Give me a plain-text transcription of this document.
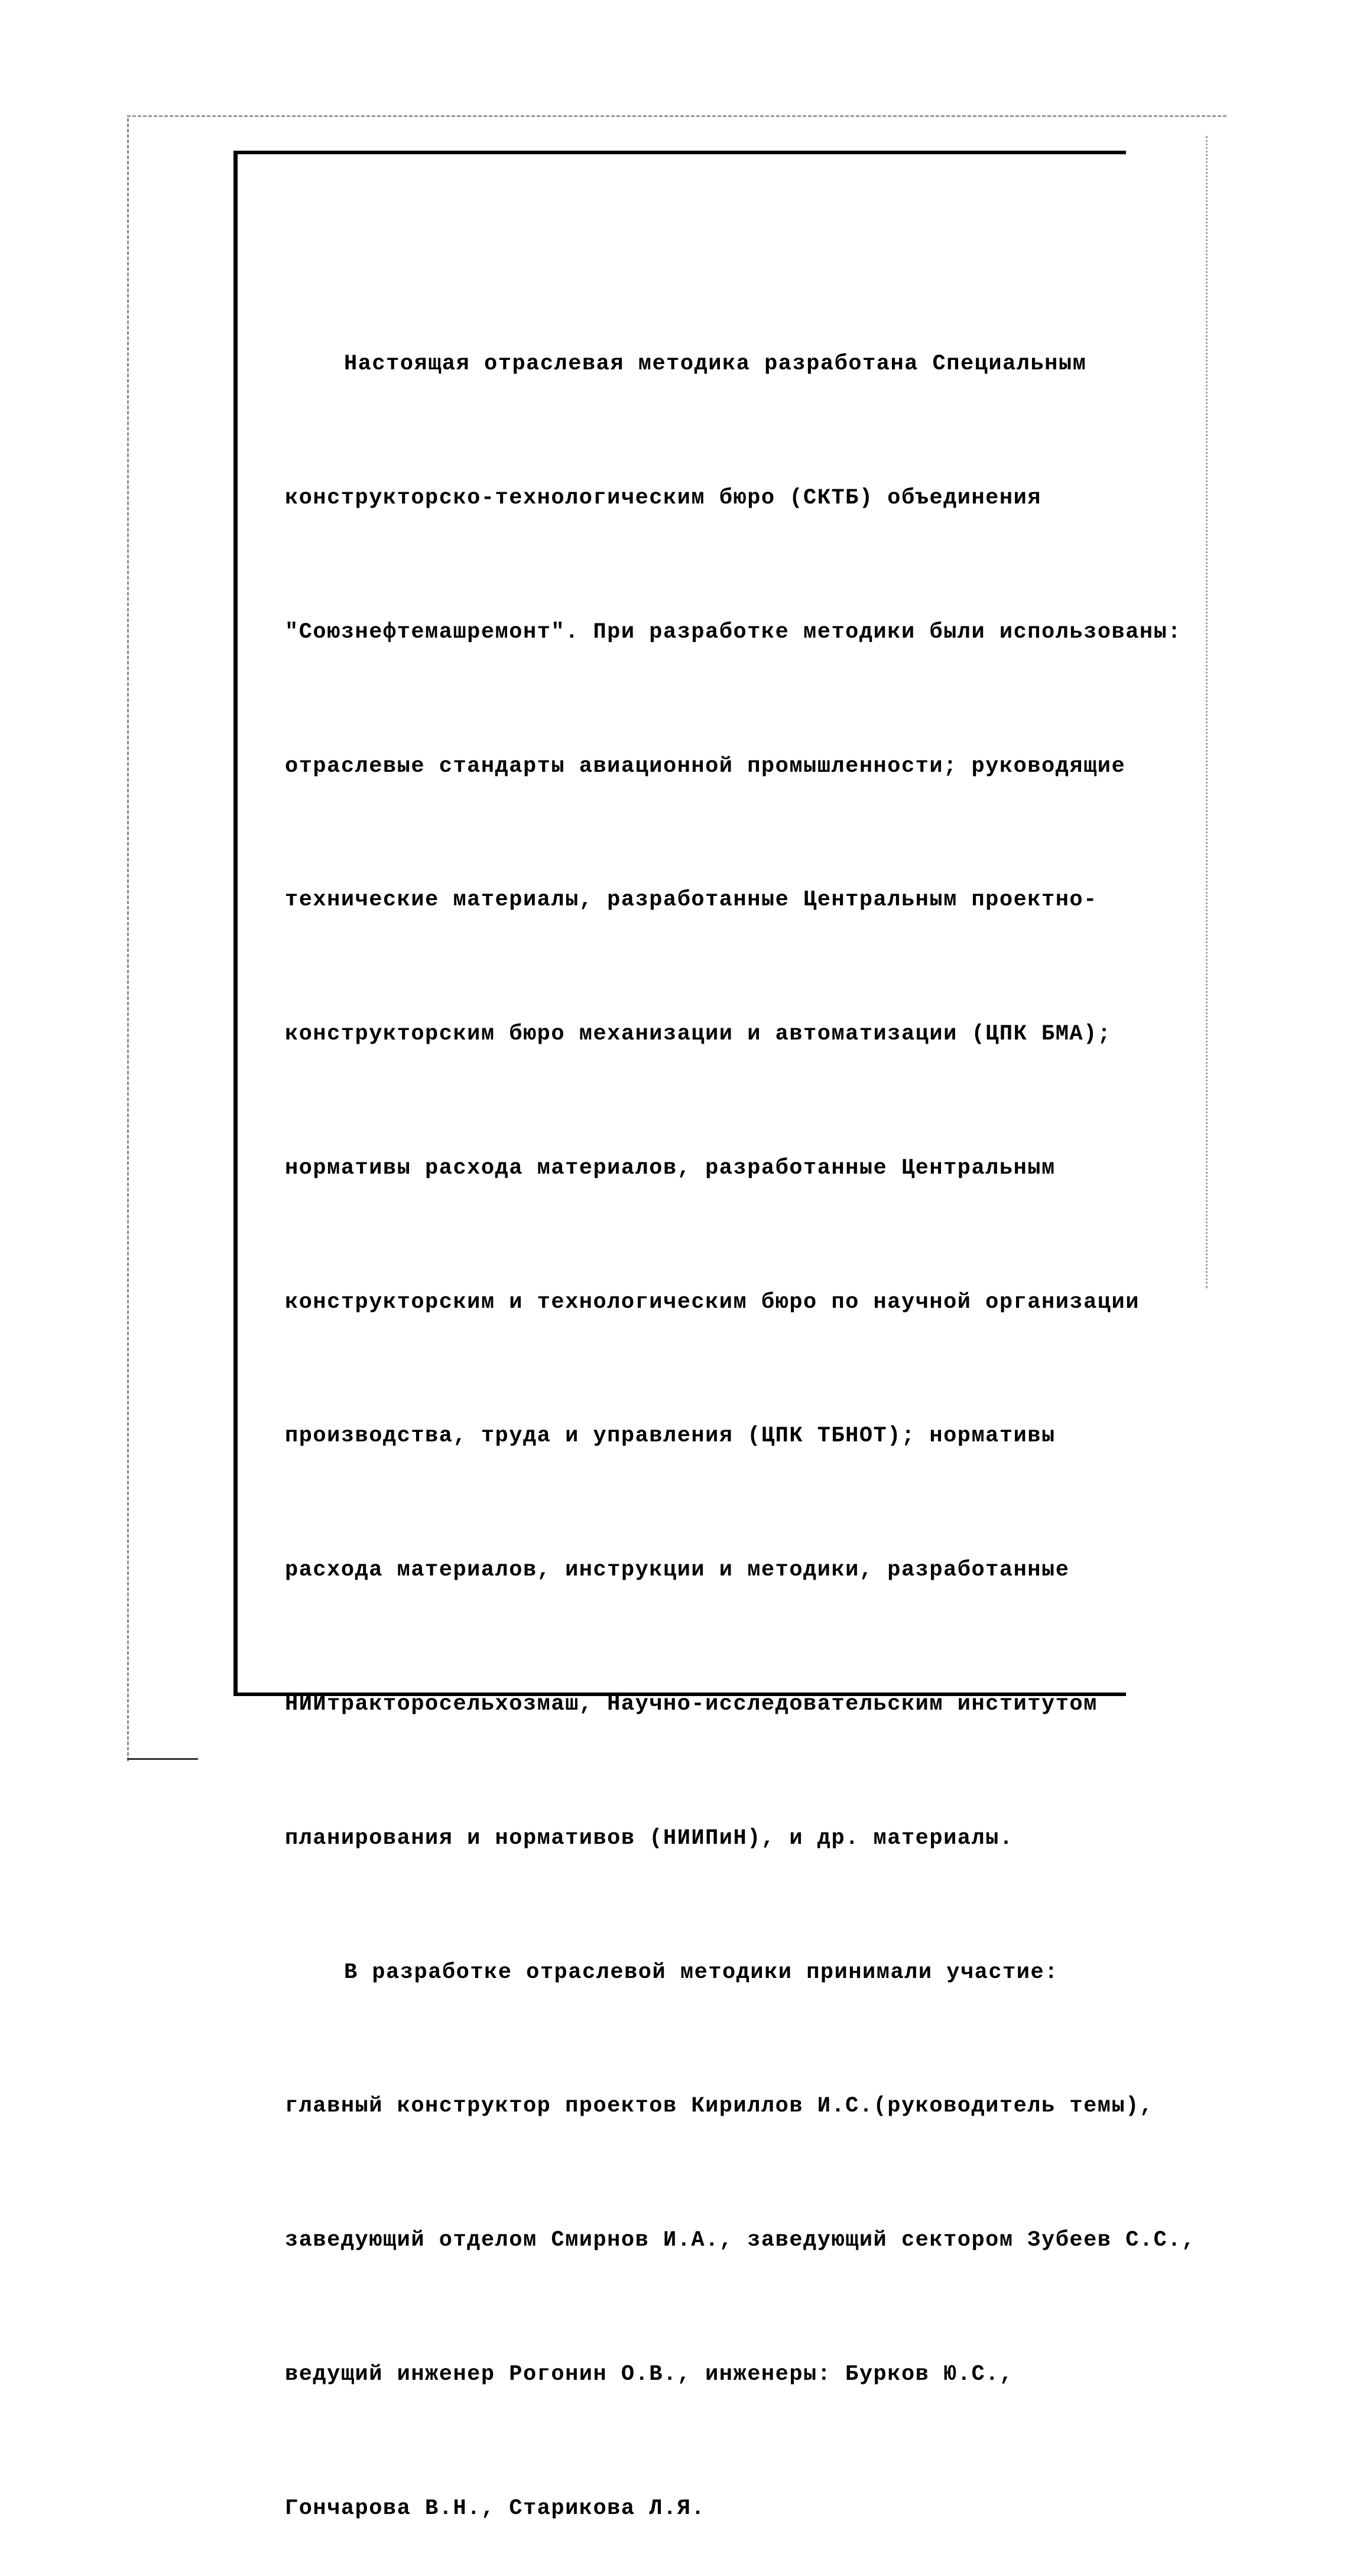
Настоящая отраслевая методика разработана Специальным

конструкторско-технологическим бюро (СКТБ) объединения

"Союзнефтемашремонт". При разработке методики были использованы:

отраслевые стандарты авиационной промышленности; руководящие

технические материалы, разработанные Центральным проектно-

конструкторским бюро механизации и автоматизации (ЦПК БМА);

нормативы расхода материалов, разработанные Центральным

конструкторским и технологическим бюро по научной организации

производства, труда и управления (ЦПК ТБНОТ); нормативы

расхода материалов, инструкции и методики, разработанные

НИИтракторосельхозмаш, Научно-исследовательским институтом

планирования и нормативов (НИИПиН), и др. материалы.

В разработке отраслевой методики принимали участие:

главный конструктор проектов Кириллов И.С.(руководитель темы),

заведующий отделом Смирнов И.А., заведующий сектором Зубеев С.С.,

ведущий инженер Рогонин О.В., инженеры: Бурков Ю.С.,

Гончарова В.Н., Старикова Л.Я.
